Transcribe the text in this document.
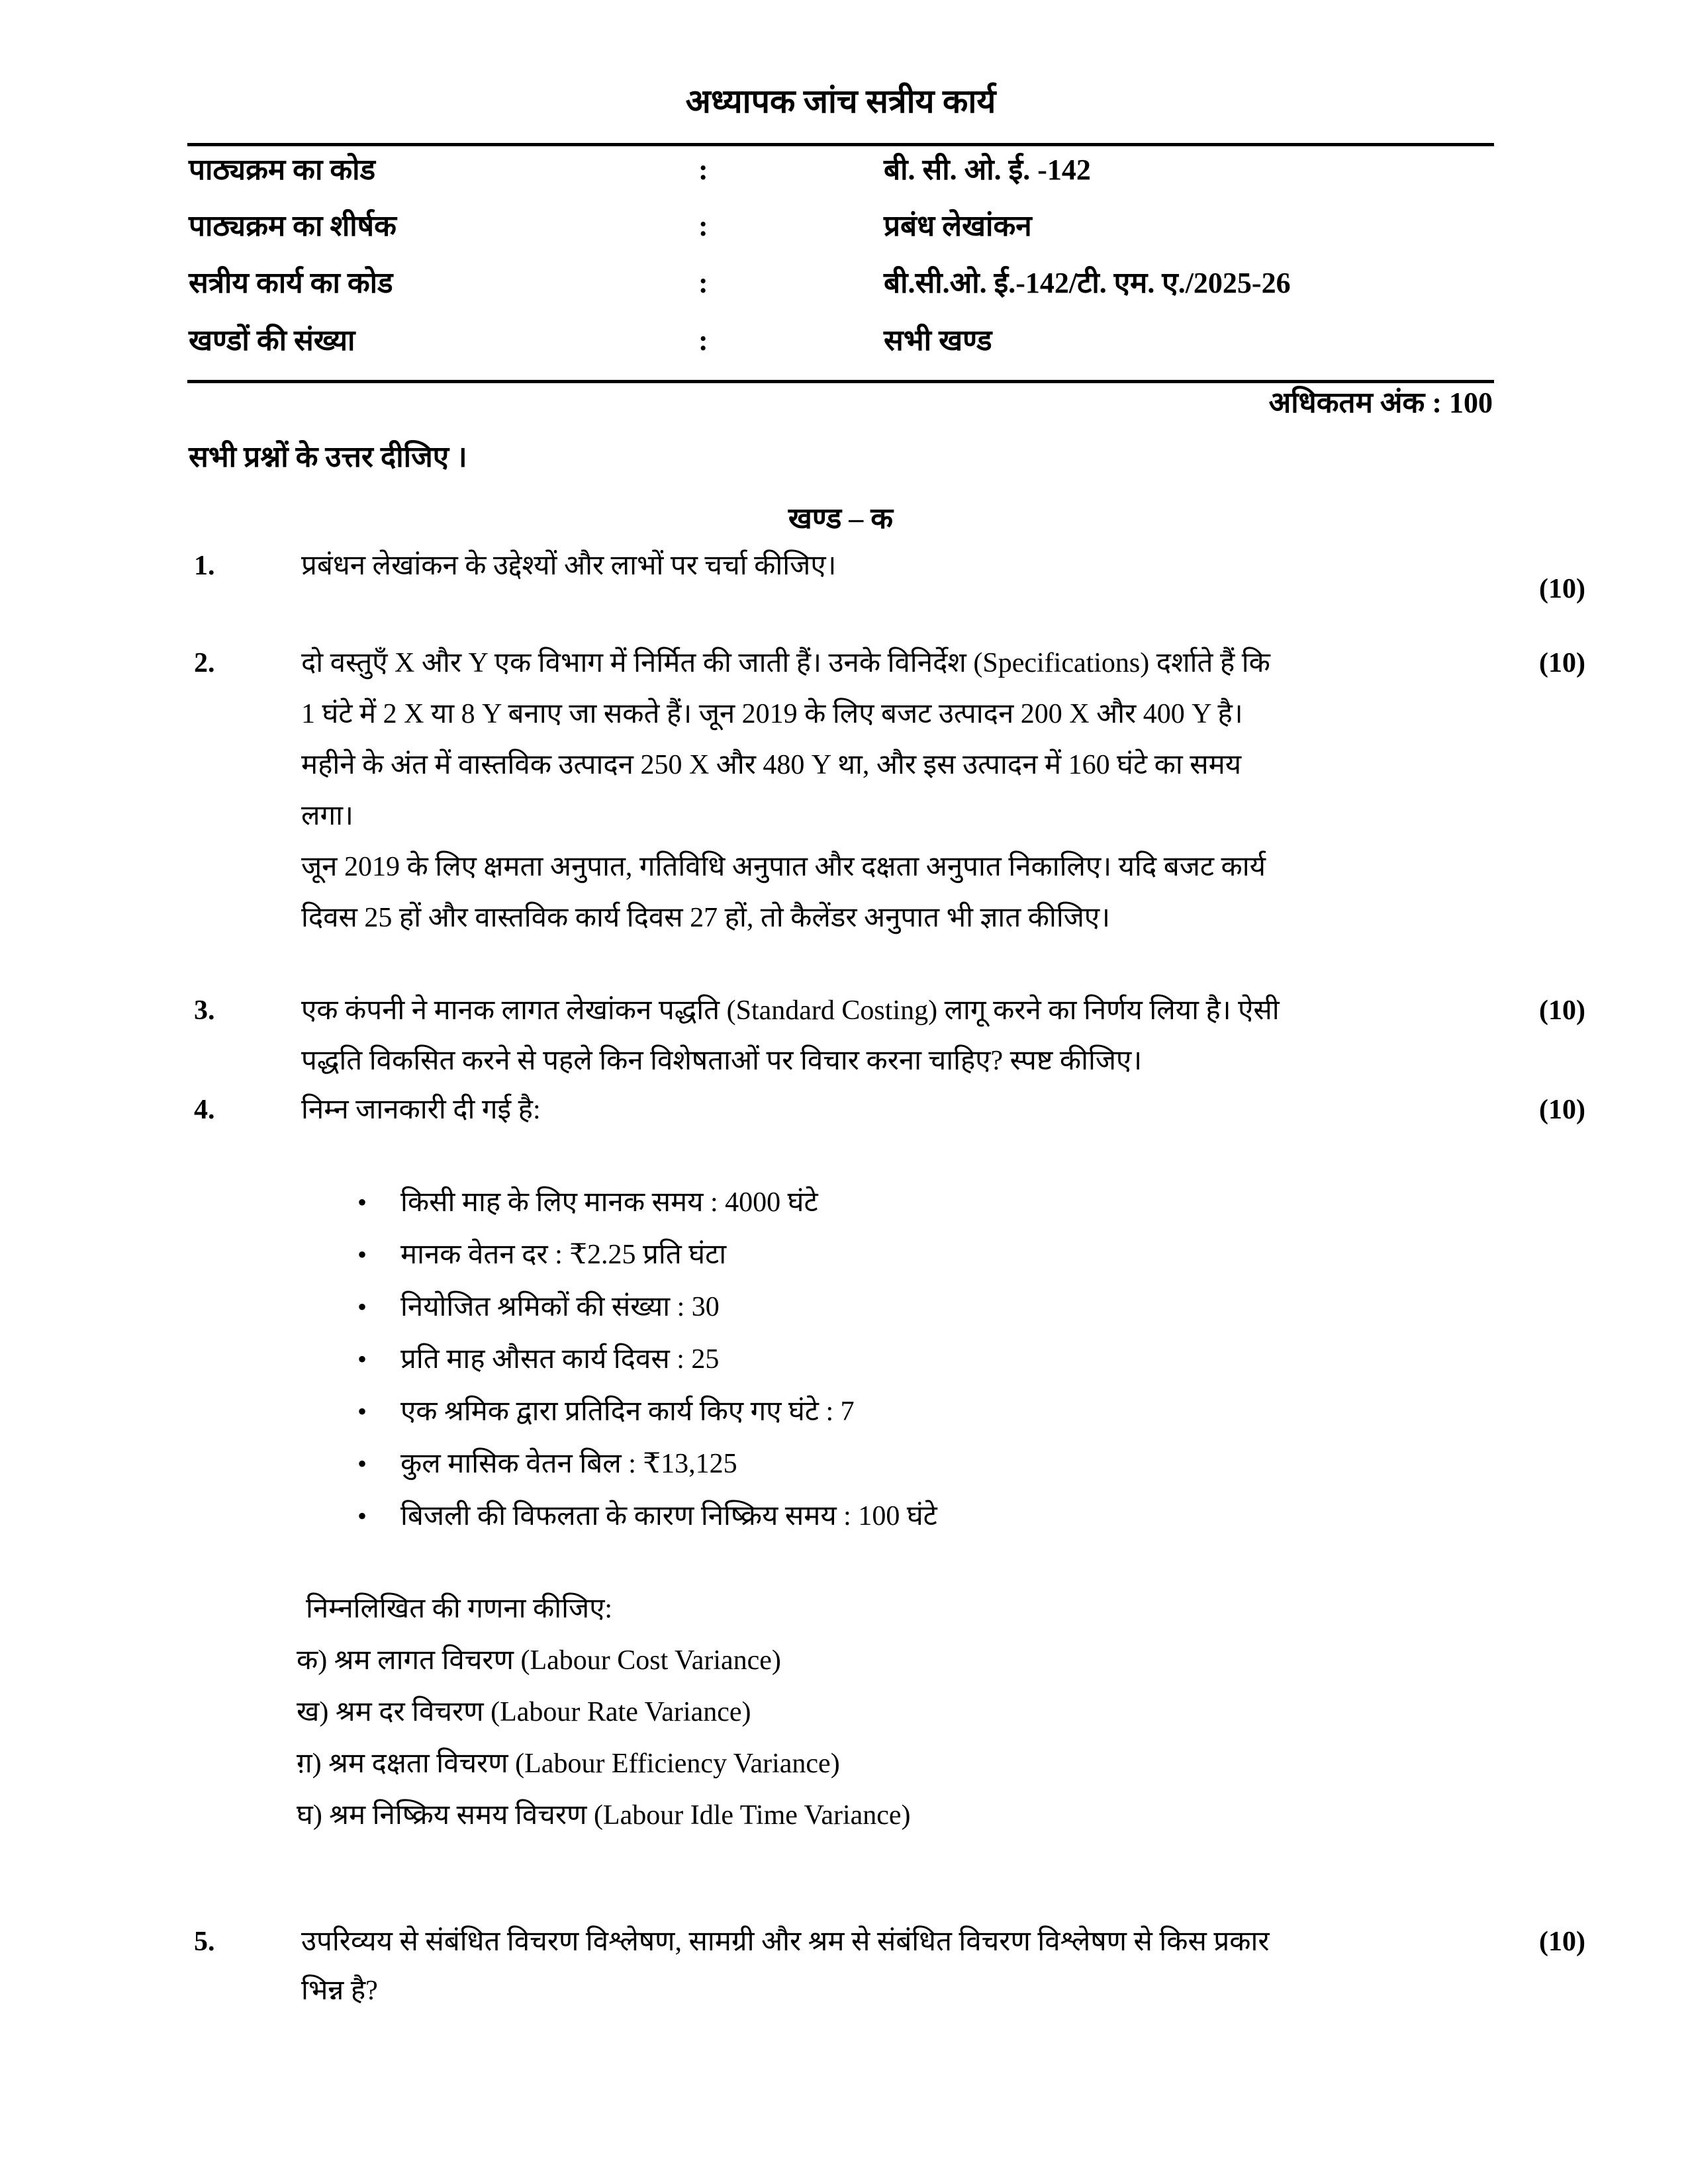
अध्यापक जांच सत्रीय कार्य
पाठ्यक्रम का कोड	:	बी. सी. ओ. ई. -142
पाठ्यक्रम का शीर्षक	:	प्रबंध लेखांकन
सत्रीय कार्य का कोड	:	बी.सी.ओ. ई.-142/टी. एम. ए./2025-26
खण्डों की संख्या	:	सभी खण्ड
अधिकतम अंक : 100
सभी प्रश्नों के उत्तर दीजिए ।
खण्ड – क
1.	प्रबंधन लेखांकन के उद्देश्यों और लाभों पर चर्चा कीजिए।
(10)
2.	दो वस्तुएँ X और Y एक विभाग में निर्मित की जाती हैं। उनके विनिर्देश (Specifications) दर्शाते हैं कि
1 घंटे में 2 X या 8 Y बनाए जा सकते हैं। जून 2019 के लिए बजट उत्पादन 200 X और 400 Y है।
महीने के अंत में वास्तविक उत्पादन 250 X और 480 Y था, और इस उत्पादन में 160 घंटे का समय
लगा।
जून 2019 के लिए क्षमता अनुपात, गतिविधि अनुपात और दक्षता अनुपात निकालिए। यदि बजट कार्य
दिवस 25 हों और वास्तविक कार्य दिवस 27 हों, तो कैलेंडर अनुपात भी ज्ञात कीजिए।
(10)
3.	एक कंपनी ने मानक लागत लेखांकन पद्धति (Standard Costing) लागू करने का निर्णय लिया है। ऐसी
पद्धति विकसित करने से पहले किन विशेषताओं पर विचार करना चाहिए? स्पष्ट कीजिए।
(10)
4.	निम्न जानकारी दी गई है:	(10)
• किसी माह के लिए मानक समय : 4000 घंटे
• मानक वेतन दर : ₹2.25 प्रति घंटा
• नियोजित श्रमिकों की संख्या : 30
• प्रति माह औसत कार्य दिवस : 25
• एक श्रमिक द्वारा प्रतिदिन कार्य किए गए घंटे : 7
• कुल मासिक वेतन बिल : ₹13,125
• बिजली की विफलता के कारण निष्क्रिय समय : 100 घंटे
निम्नलिखित की गणना कीजिए:
क) श्रम लागत विचरण (Labour Cost Variance)
ख) श्रम दर विचरण (Labour Rate Variance)
ग़) श्रम दक्षता विचरण (Labour Efficiency Variance)
घ) श्रम निष्क्रिय समय विचरण (Labour Idle Time Variance)
5.	उपरिव्यय से संबंधित विचरण विश्लेषण, सामग्री और श्रम से संबंधित विचरण विश्लेषण से किस प्रकार
भिन्न है?
(10)
